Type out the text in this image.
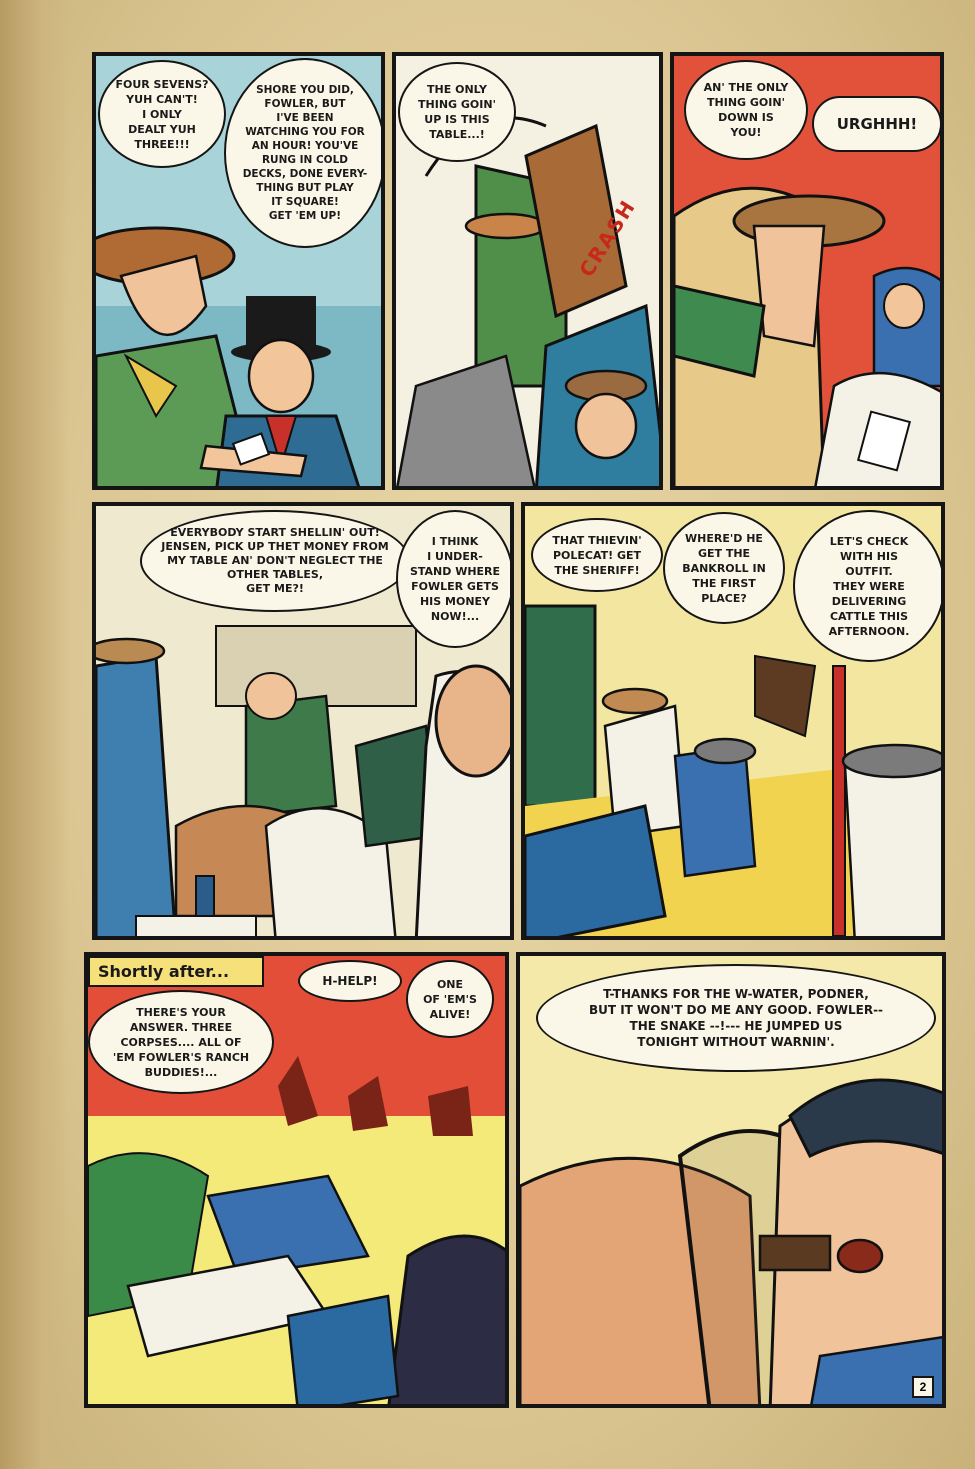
FOUR SEVENS?
YUH CAN'T!
I ONLY
DEALT YUH
THREE!!!
SHORE YOU DID,
FOWLER, BUT
I'VE BEEN
WATCHING YOU FOR
AN HOUR! YOU'VE
RUNG IN COLD
DECKS, DONE EVERY-
THING BUT PLAY
IT SQUARE!
GET 'EM UP!
THE ONLY
THING GOIN'
UP IS THIS
TABLE...!
CRASH
AN' THE ONLY
THING GOIN'
DOWN IS
YOU!	URGHHH!
EVERYBODY START SHELLIN' OUT!
JENSEN, PICK UP THET MONEY FROM
MY TABLE AN' DON'T NEGLECT THE
OTHER TABLES,
GET ME?!
I THINK
I UNDER-
STAND WHERE
FOWLER GETS
HIS MONEY
NOW!...
THAT THIEVIN'
POLECAT! GET
THE SHERIFF!
WHERE'D HE
GET THE
BANKROLL IN
THE FIRST
PLACE?
LET'S CHECK
WITH HIS
OUTFIT.
THEY WERE
DELIVERING
CATTLE THIS
AFTERNOON.
Shortly after...
THERE'S YOUR
ANSWER. THREE
CORPSES.... ALL OF
'EM FOWLER'S RANCH
BUDDIES!...
H-HELP!	ONE
OF 'EM'S
ALIVE!
T-THANKS FOR THE W-WATER, PODNER,
BUT IT WON'T DO ME ANY GOOD. FOWLER--
THE SNAKE --!--- HE JUMPED US
TONIGHT WITHOUT WARNIN'.
2
